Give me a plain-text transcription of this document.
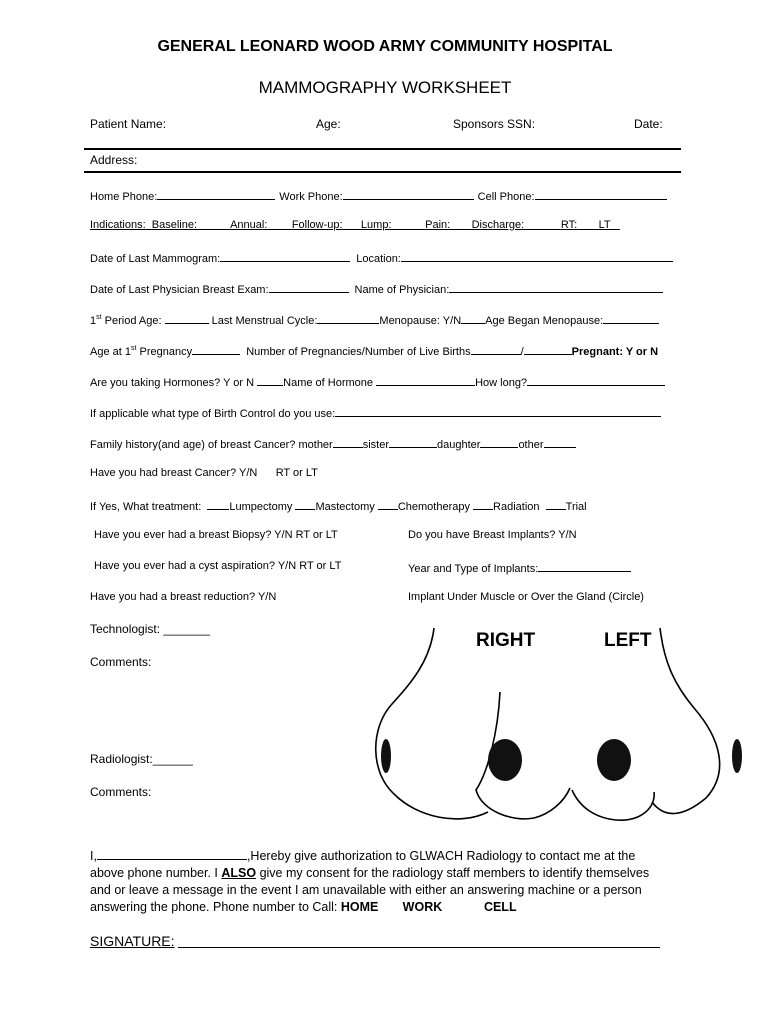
GENERAL LEONARD WOOD ARMY COMMUNITY HOSPITAL
MAMMOGRAPHY WORKSHEET
Patient Name:	Age:	Sponsors SSN:	Date:
Address:
Home Phone:	Work Phone:	Cell Phone:
Indications: Baseline:	Annual: Follow-up: Lump:	Pain: Discharge:	RT: LT
Date of Last Mammogram:	Location:
Date of Last Physician Breast Exam:	Name of Physician:
1st Period Age:	Last Menstrual Cycle:	Menopause: Y/N Age Began Menopause:
Age at 1st Pregnancy	Number of Pregnancies/Number of Live Births	/	Pregnant: Y or N
Are you taking Hormones? Y or N	Name of Hormone	How long?
If applicable what type of Birth Control do you use:
Family history(and age) of breast Cancer? mother	sister	daughter	other
Have you had breast Cancer? Y/N RT or LT
If Yes, What treatment:	Lumpectomy Mastectomy Chemotherapy Radiation Trial
Have you ever had a breast Biopsy? Y/N RT or LT	Do you have Breast Implants? Y/N
Have you ever had a cyst aspiration? Y/N RT or LT	Year and Type of Implants:
Have you had a breast reduction? Y/N	Implant Under Muscle or Over the Gland (Circle)
Technologist: _______
Comments:
Radiologist:______
Comments:
RIGHT	LEFT
I,	,Hereby give authorization to GLWACH Radiology to contact me at the above phone number. I ALSO give my consent for the radiology staff members to identify themselves and or leave a message in the event I am unavailable with either an answering machine or a person answering the phone. Phone number to Call: HOME WORK	CELL
SIGNATURE:
